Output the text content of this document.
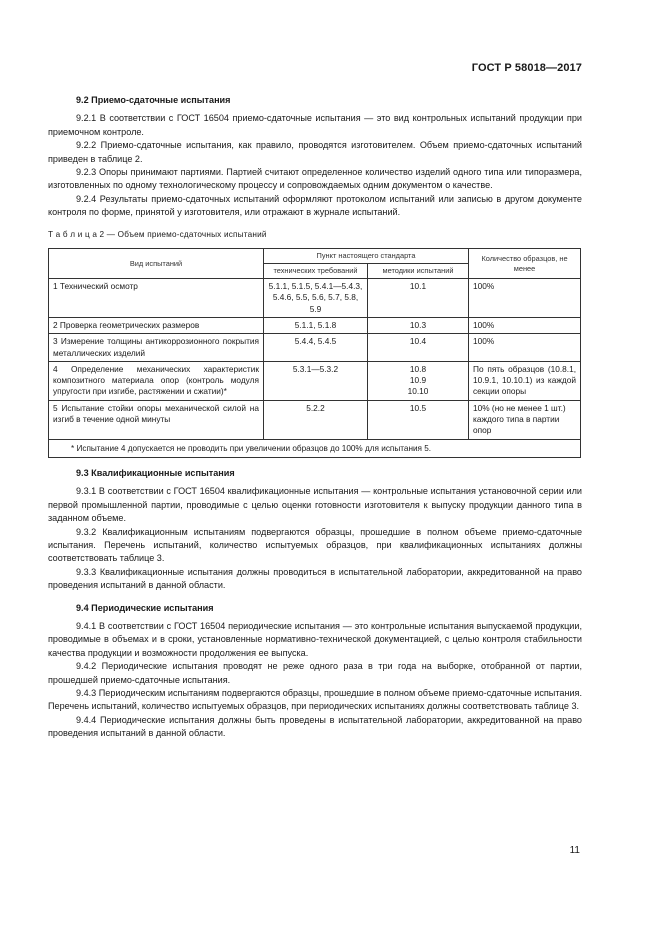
ГОСТ Р 58018—2017
9.2 Приемо-сдаточные испытания

9.2.1 В соответствии с ГОСТ 16504 приемо-сдаточные испытания — это вид контрольных испытаний продукции при приемочном контроле.

9.2.2 Приемо-сдаточные испытания, как правило, проводятся изготовителем. Объем приемо-сдаточных испытаний приведен в таблице 2.

9.2.3 Опоры принимают партиями. Партией считают определенное количество изделий одного типа или типоразмера, изготовленных по одному технологическому процессу и сопровождаемых одним документом о качестве.

9.2.4 Результаты приемо-сдаточных испытаний оформляют протоколом испытаний или записью в другом документе контроля по форме, принятой у изготовителя, или отражают в журнале испытаний.

Т а б л и ц а 2 — Объем приемо-сдаточных испытаний
Вид испытаний	Пункт настоящего стандарта		Количество образцов, не менее
	технических требований	методики испытаний	
1 Технический осмотр	5.1.1, 5.1.5, 5.4.1—5.4.3, 5.4.6, 5.5, 5.6, 5.7, 5.8, 5.9	10.1	100%
2 Проверка геометрических размеров	5.1.1, 5.1.8	10.3	100%
3 Измерение толщины антикоррозионного покрытия металлических изделий	5.4.4, 5.4.5	10.4	100%
4 Определение механических характеристик композитного материала опор (контроль модуля упругости при изгибе, растяжении и сжатии)*	5.3.1—5.3.2	10.8
10.9
10.10	По пять образцов (10.8.1, 10.9.1, 10.10.1) из каждой секции опоры
5 Испытание стойки опоры механической силой на изгиб в течение одной минуты	5.2.2	10.5	10% (но не менее 1 шт.) каждого типа в партии опор
* Испытание 4 допускается не проводить при увеличении образцов до 100% для испытания 5.			
9.3 Квалификационные испытания

9.3.1 В соответствии с ГОСТ 16504 квалификационные испытания — контрольные испытания установочной серии или первой промышленной партии, проводимые с целью оценки готовности изготовителя к выпуску продукции данного типа в заданном объеме.

9.3.2 Квалификационным испытаниям подвергаются образцы, прошедшие в полном объеме приемо-сдаточные испытания. Перечень испытаний, количество испытуемых образцов, при квалификационных испытаниях должны соответствовать таблице 3.

9.3.3 Квалификационные испытания должны проводиться в испытательной лаборатории, аккредитованной на право проведения испытаний в данной области.

9.4 Периодические испытания

9.4.1 В соответствии с ГОСТ 16504 периодические испытания — это контрольные испытания выпускаемой продукции, проводимые в объемах и в сроки, установленные нормативно-технической документацией, с целью контроля стабильности качества продукции и возможности продолжения ее выпуска.

9.4.2 Периодические испытания проводят не реже одного раза в три года на выборке, отобранной от партии, прошедшей приемо-сдаточные испытания.

9.4.3 Периодическим испытаниям подвергаются образцы, прошедшие в полном объеме приемо-сдаточные испытания. Перечень испытаний, количество испытуемых образцов, при периодических испытаниях должны соответствовать таблице 3.

9.4.4 Периодические испытания должны быть проведены в испытательной лаборатории, аккредитованной на право проведения испытаний в данной области.

11
